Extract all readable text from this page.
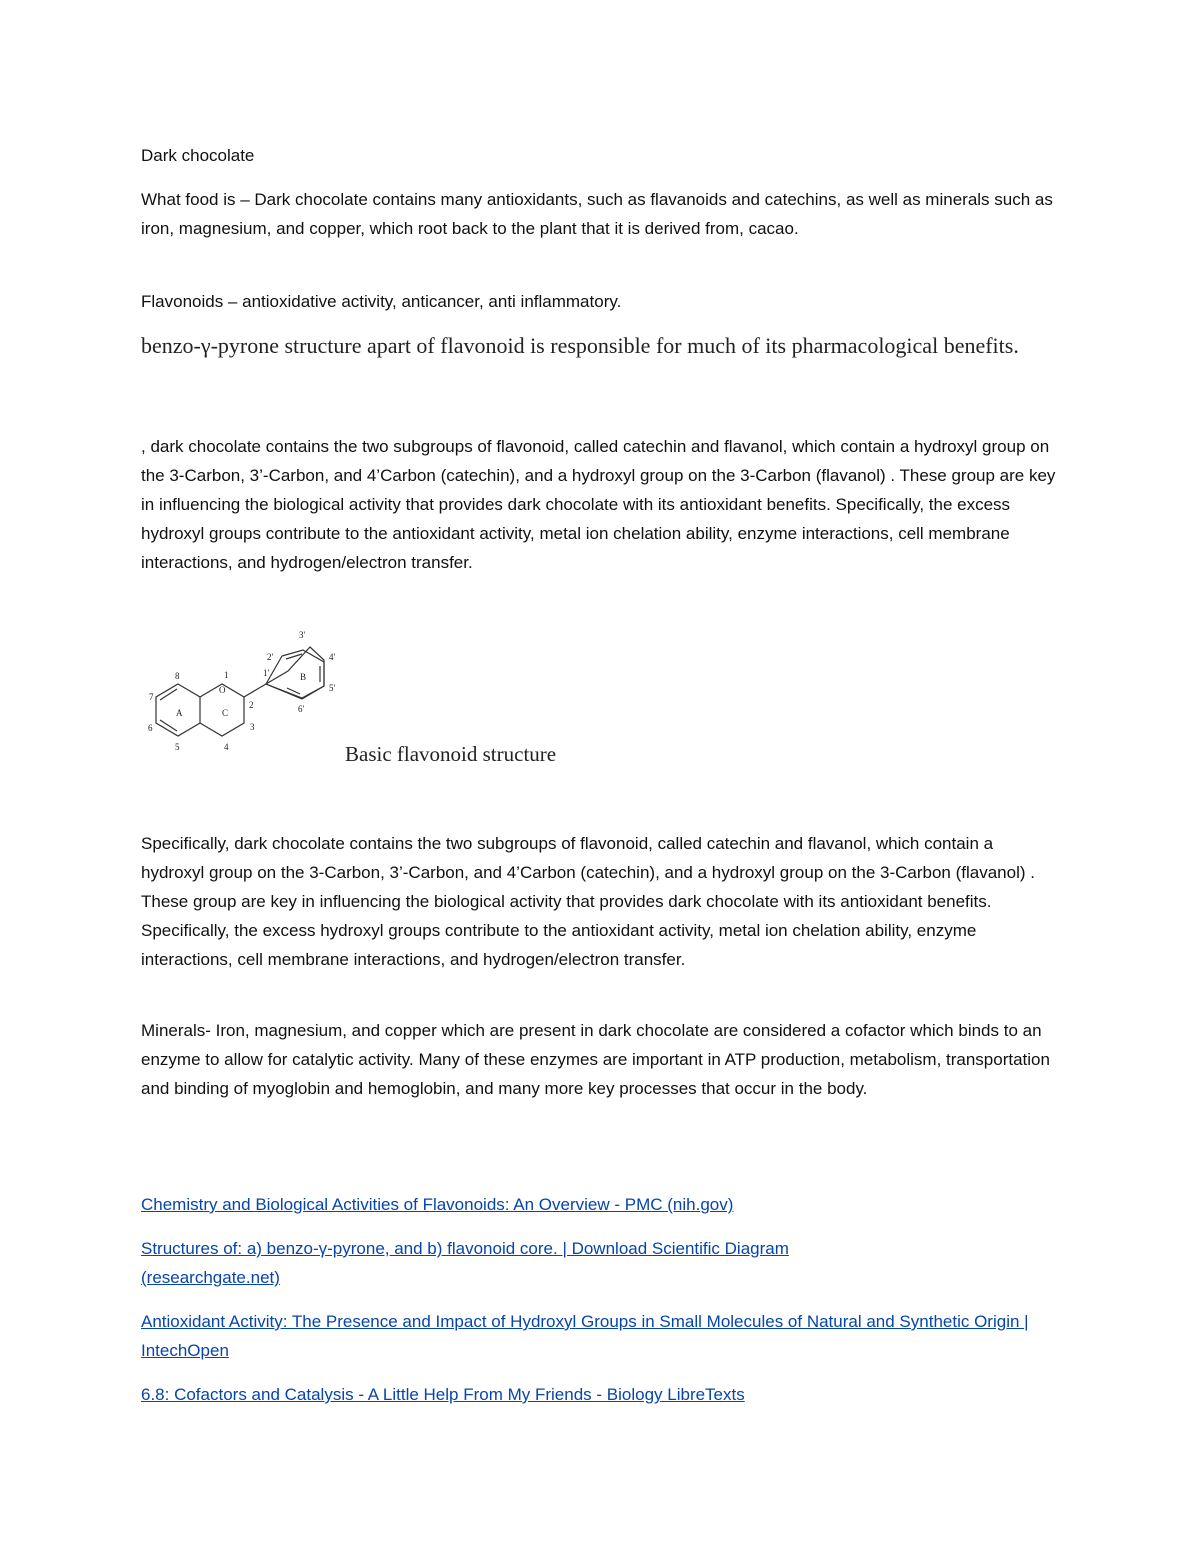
Dark chocolate

What food is – Dark chocolate contains many antioxidants, such as flavanoids and catechins, as well as minerals such as iron, magnesium, and copper, which root back to the plant that it is derived from, cacao.

Flavonoids – antioxidative activity, anticancer, anti inflammatory.

benzo-γ-pyrone structure apart of flavonoid is responsible for much of its pharmacological benefits.

, dark chocolate contains the two subgroups of flavonoid, called catechin and flavanol, which contain a hydroxyl group on the 3-Carbon, 3’-Carbon, and 4’Carbon (catechin), and a hydroxyl group on the 3-Carbon (flavanol) . These group are key in influencing the biological activity that provides dark chocolate with its antioxidant benefits. Specifically, the excess hydroxyl groups contribute to the antioxidant activity, metal ion chelation ability, enzyme interactions, cell membrane interactions, and hydrogen/electron transfer.

7
8
6
5
A	C
B
1
O
2
3
4
1'
2'
3'
4'
5'
6'
Basic flavonoid structure

Specifically, dark chocolate contains the two subgroups of flavonoid, called catechin and flavanol, which contain a hydroxyl group on the 3-Carbon, 3’-Carbon, and 4’Carbon (catechin), and a hydroxyl group on the 3-Carbon (flavanol) . These group are key in influencing the biological activity that provides dark chocolate with its antioxidant benefits. Specifically, the excess hydroxyl groups contribute to the antioxidant activity, metal ion chelation ability, enzyme interactions, cell membrane interactions, and hydrogen/electron transfer.

Minerals- Iron, magnesium, and copper which are present in dark chocolate are considered a cofactor which binds to an enzyme to allow for catalytic activity. Many of these enzymes are important in ATP production, metabolism, transportation and binding of myoglobin and hemoglobin, and many more key processes that occur in the body.

Chemistry and Biological Activities of Flavonoids: An Overview - PMC (nih.gov)

Structures of: a) benzo-γ-pyrone, and b) flavonoid core. | Download Scientific Diagram (researchgate.net)

Antioxidant Activity: The Presence and Impact of Hydroxyl Groups in Small Molecules of Natural and Synthetic Origin | IntechOpen

6.8: Cofactors and Catalysis - A Little Help From My Friends - Biology LibreTexts
